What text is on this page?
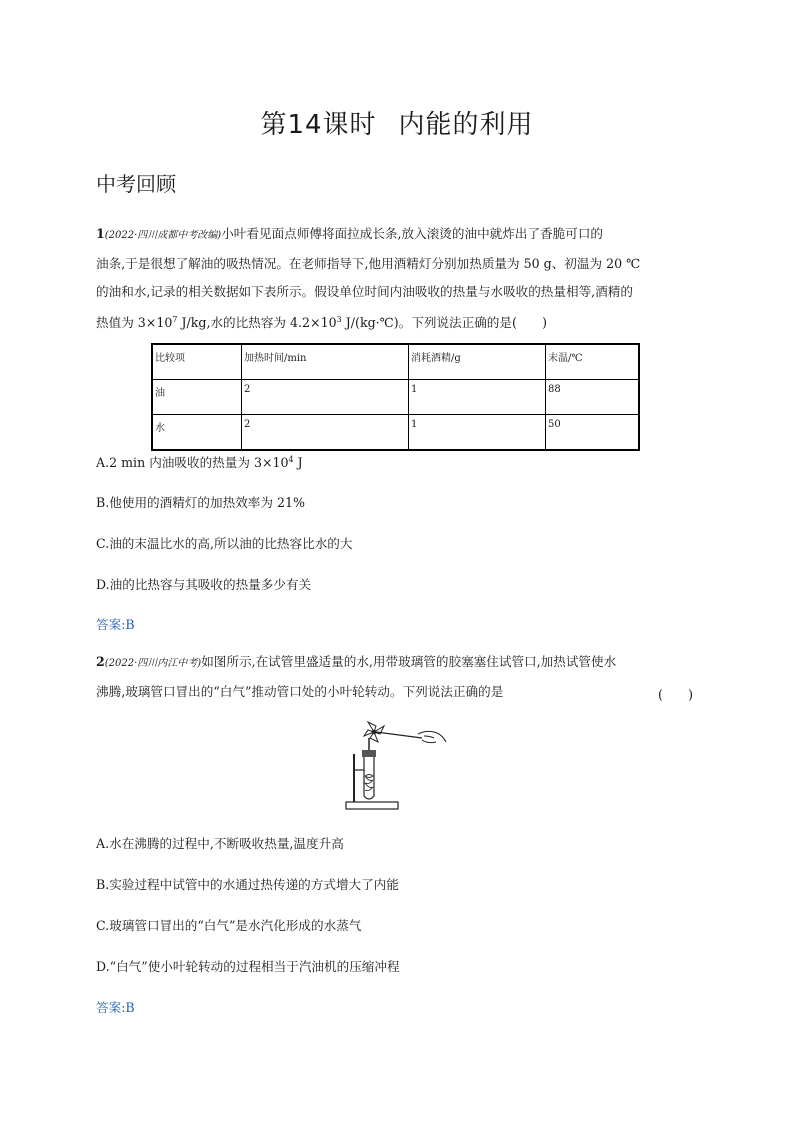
第14课时 内能的利用
中考回顾
1(2022·四川成都中考改编)小叶看见面点师傅将面拉成长条,放入滚烫的油中就炸出了香脆可口的
油条,于是很想了解油的吸热情况。在老师指导下,他用酒精灯分别加热质量为 50 g、初温为 20 ℃
的油和水,记录的相关数据如下表所示。假设单位时间内油吸收的热量与水吸收的热量相等,酒精的
热值为 $3\times 10^7$ J/kg,水的比热容为 $4.2\times 10^3$ J/(kg·℃)。下列说法正确的是(　　)
比较项	加热时间/min	消耗酒精/g	末温/℃
油	2	1	88
水	2	1	50
A.2 min 内油吸收的热量为 $3\times 10^4$ J
B.他使用的酒精灯的加热效率为 21%
C.油的末温比水的高,所以油的比热容比水的大
D.油的比热容与其吸收的热量多少有关
答案:B
2(2022·四川内江中考)如图所示,在试管里盛适量的水,用带玻璃管的胶塞塞住试管口,加热试管使水
沸腾,玻璃管口冒出的“白气”推动管口处的小叶轮转动。下列说法正确的是	(　　)
A.水在沸腾的过程中,不断吸收热量,温度升高
B.实验过程中试管中的水通过热传递的方式增大了内能
C.玻璃管口冒出的“白气”是水汽化形成的水蒸气
D.“白气”使小叶轮转动的过程相当于汽油机的压缩冲程
答案:B
